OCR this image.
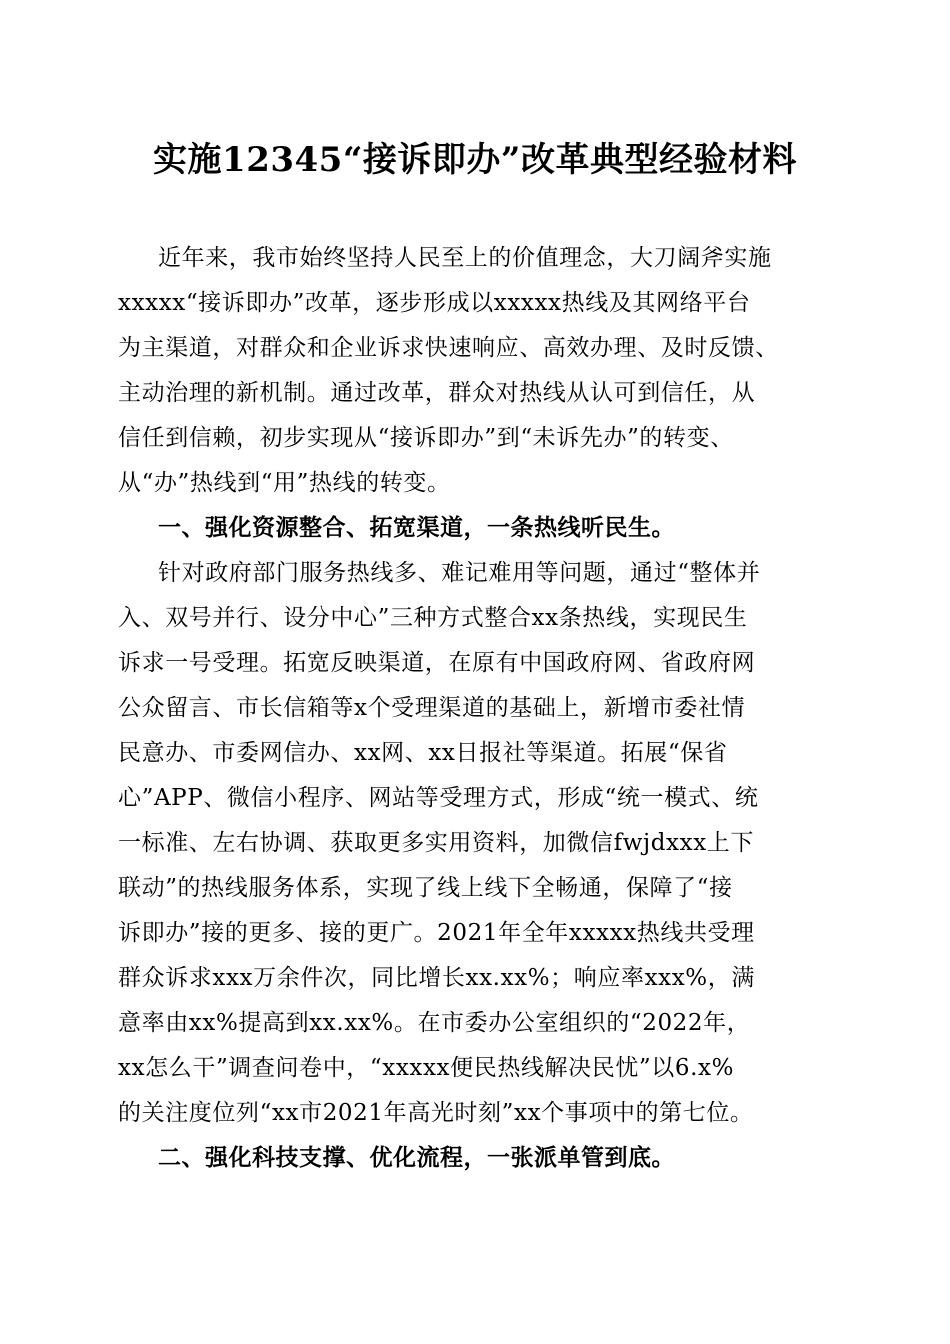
实施12345“接诉即办”改革典型经验材料
近年来，我市始终坚持人民至上的价值理念，大刀阔斧实施
xxxxx“接诉即办”改革，逐步形成以xxxxx热线及其网络平台
为主渠道，对群众和企业诉求快速响应、高效办理、及时反馈、
主动治理的新机制。通过改革，群众对热线从认可到信任，从
信任到信赖，初步实现从“接诉即办”到“未诉先办”的转变、
从“办”热线到“用”热线的转变。
一、强化资源整合、拓宽渠道，一条热线听民生。
针对政府部门服务热线多、难记难用等问题，通过“整体并
入、双号并行、设分中心”三种方式整合xx条热线，实现民生
诉求一号受理。拓宽反映渠道，在原有中国政府网、省政府网
公众留言、市长信箱等x个受理渠道的基础上，新增市委社情
民意办、市委网信办、xx网、xx日报社等渠道。拓展“保省
心”APP、微信小程序、网站等受理方式，形成“统一模式、统
一标准、左右协调、获取更多实用资料，加微信fwjdxxx上下
联动”的热线服务体系，实现了线上线下全畅通，保障了“接
诉即办”接的更多、接的更广。2021年全年xxxxx热线共受理
群众诉求xxx万余件次，同比增长xx.xx%；响应率xxx%，满
意率由xx%提高到xx.xx%。在市委办公室组织的“2022年，
xx怎么干”调查问卷中，“xxxxx便民热线解决民忧”以6.x%
的关注度位列“xx市2021年高光时刻”xx个事项中的第七位。
二、强化科技支撑、优化流程，一张派单管到底。
